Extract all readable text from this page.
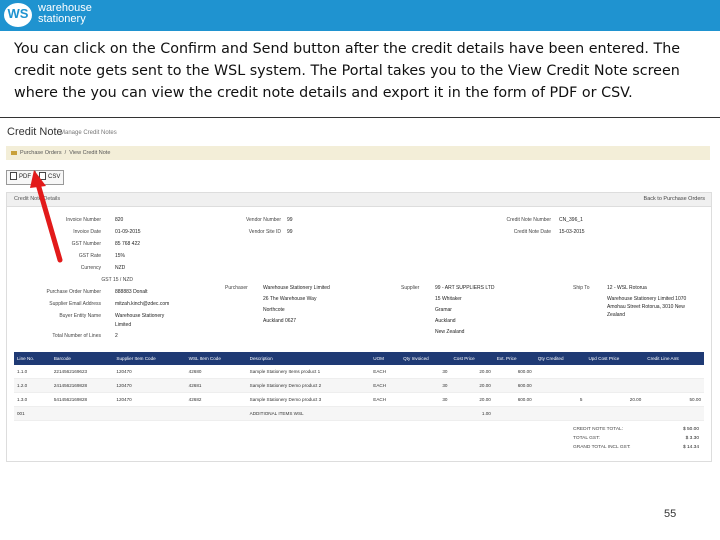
WS warehouse
stationery
You can click on the Confirm and Send button after the credit details have been entered. The credit note gets sent to the WSL system. The Portal takes you to the View Credit Note screen where the you can view the credit note details and export it in the form of PDF or CSV.
Credit Note
Manage Credit Notes
Purchase Orders  /  View Credit Note
PDF	CSV
Credit Note Details	Back to Purchase Orders
Invoice Number	820
Invoice Date	01-09-2015
GST Number	85 768 422
GST Rate	15%
Currency	NZD
GST 15 / NZD
Purchase Order Number	888883 Donalt
Supplier Email Address	mitzah.kinch@zdec.com
Buyer Entity Name	Warehouse Stationery
Limited
Total Number of Lines	2
Vendor Number 99
Vendor Site ID 99
Credit Note Number CN_396_1
Credit Note Date 15-03-2015
Purchaser	Warehouse Stationery Limited
26 The Warehouse Way
Northcote
Auckland 0627
Supplier	99 - ART SUPPLIERS LTD
15 Whitaker
Gramar
Auckland
New Zealand
Ship To	12 - WSL Rotorua
Warehouse Stationery Limited 1070
Amohau Street Rotorua, 3010 New
Zealand
Line No.	Barcode	Supplier Item Code	WSL Item Code	Description	UOM	Qty Invoiced	Cost Price	Ext. Price	Qty Credited	Upd Cost Price	Credit Line Amt
1.1.0	2214562169623	120470	42680	Sample Stationery Items product 1	EACH	30	20.00	600.00			
1.2.0	2414562169828	120470	42681	Sample Stationery Demo product 2	EACH	30	20.00	600.00			
1.3.0	5414562169828	120470	42682	Sample Stationery Demo product 3	EACH	30	20.00	600.00	5	20.00	50.00
001				ADDITIONAL ITEMS WSL			1.00				
CREDIT NOTE TOTAL:	$ 50.00
TOTAL GST:	$ 3.30
GRAND TOTAL INCL GST:	$ 14.34
55
